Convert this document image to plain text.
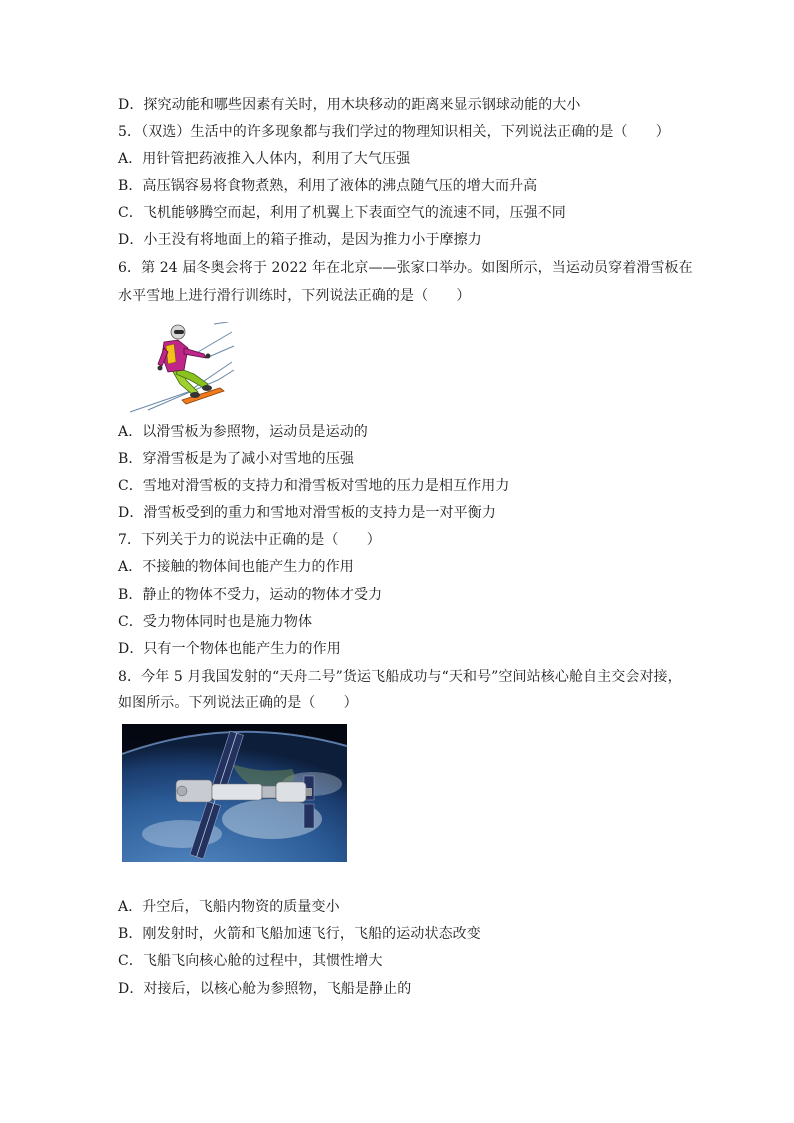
D．探究动能和哪些因素有关时，用木块移动的距离来显示钢球动能的大小
5．（双选）生活中的许多现象都与我们学过的物理知识相关，下列说法正确的是（　　）
A．用针管把药液推入人体内，利用了大气压强
B．高压锅容易将食物煮熟，利用了液体的沸点随气压的增大而升高
C．飞机能够腾空而起，利用了机翼上下表面空气的流速不同，压强不同
D．小王没有将地面上的箱子推动，是因为推力小于摩擦力
6．第 24 届冬奥会将于 2022 年在北京——张家口举办。如图所示，当运动员穿着滑雪板在
水平雪地上进行滑行训练时，下列说法正确的是（　　）
A．以滑雪板为参照物，运动员是运动的
B．穿滑雪板是为了减小对雪地的压强
C．雪地对滑雪板的支持力和滑雪板对雪地的压力是相互作用力
D．滑雪板受到的重力和雪地对滑雪板的支持力是一对平衡力
7．下列关于力的说法中正确的是（　　）
A．不接触的物体间也能产生力的作用
B．静止的物体不受力，运动的物体才受力
C．受力物体同时也是施力物体
D．只有一个物体也能产生力的作用
8．今年 5 月我国发射的“天舟二号”货运飞船成功与“天和号”空间站核心舱自主交会对接，
如图所示。下列说法正确的是（　　）
A．升空后，飞船内物资的质量变小
B．刚发射时，火箭和飞船加速飞行，飞船的运动状态改变
C．飞船飞向核心舱的过程中，其惯性增大
D．对接后，以核心舱为参照物，飞船是静止的
